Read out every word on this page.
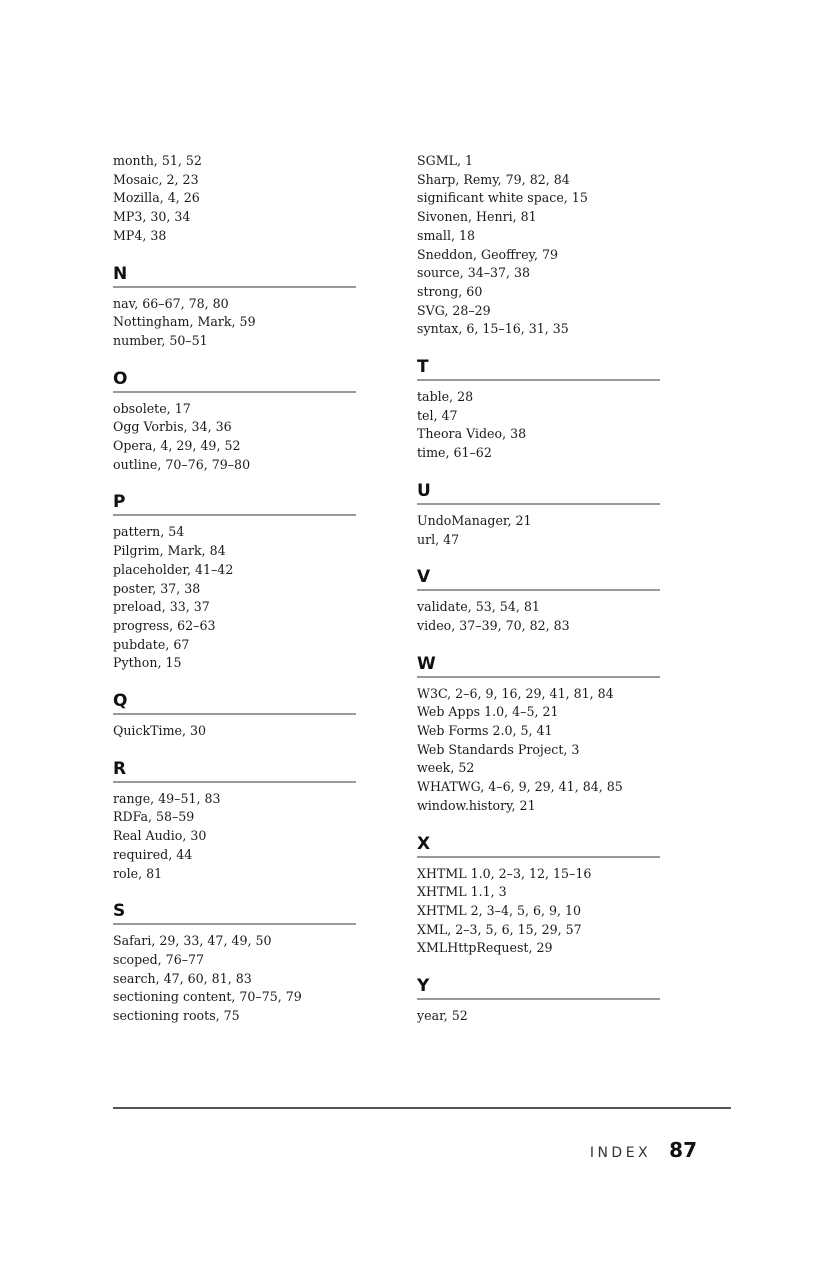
month, 51, 52
Mosaic, 2, 23
Mozilla, 4, 26
MP3, 30, 34
MP4, 38
N
nav, 66–67, 78, 80
Nottingham, Mark, 59
number, 50–51
O
obsolete, 17
Ogg Vorbis, 34, 36
Opera, 4, 29, 49, 52
outline, 70–76, 79–80
P
pattern, 54
Pilgrim, Mark, 84
placeholder, 41–42
poster, 37, 38
preload, 33, 37
progress, 62–63
pubdate, 67
Python, 15
Q
QuickTime, 30
R
range, 49–51, 83
RDFa, 58–59
Real Audio, 30
required, 44
role, 81
S
Safari, 29, 33, 47, 49, 50
scoped, 76–77
search, 47, 60, 81, 83
sectioning content, 70–75, 79
sectioning roots, 75
SGML, 1
Sharp, Remy, 79, 82, 84
significant white space, 15
Sivonen, Henri, 81
small, 18
Sneddon, Geoffrey, 79
source, 34–37, 38
strong, 60
SVG, 28–29
syntax, 6, 15–16, 31, 35
T
table, 28
tel, 47
Theora Video, 38
time, 61–62
U
UndoManager, 21
url, 47
V
validate, 53, 54, 81
video, 37–39, 70, 82, 83
W
W3C, 2–6, 9, 16, 29, 41, 81, 84
Web Apps 1.0, 4–5, 21
Web Forms 2.0, 5, 41
Web Standards Project, 3
week, 52
WHATWG, 4–6, 9, 29, 41, 84, 85
window.history, 21
X
XHTML 1.0, 2–3, 12, 15–16
XHTML 1.1, 3
XHTML 2, 3–4, 5, 6, 9, 10
XML, 2–3, 5, 6, 15, 29, 57
XMLHttpRequest, 29
Y
year, 52
INDEX 87
